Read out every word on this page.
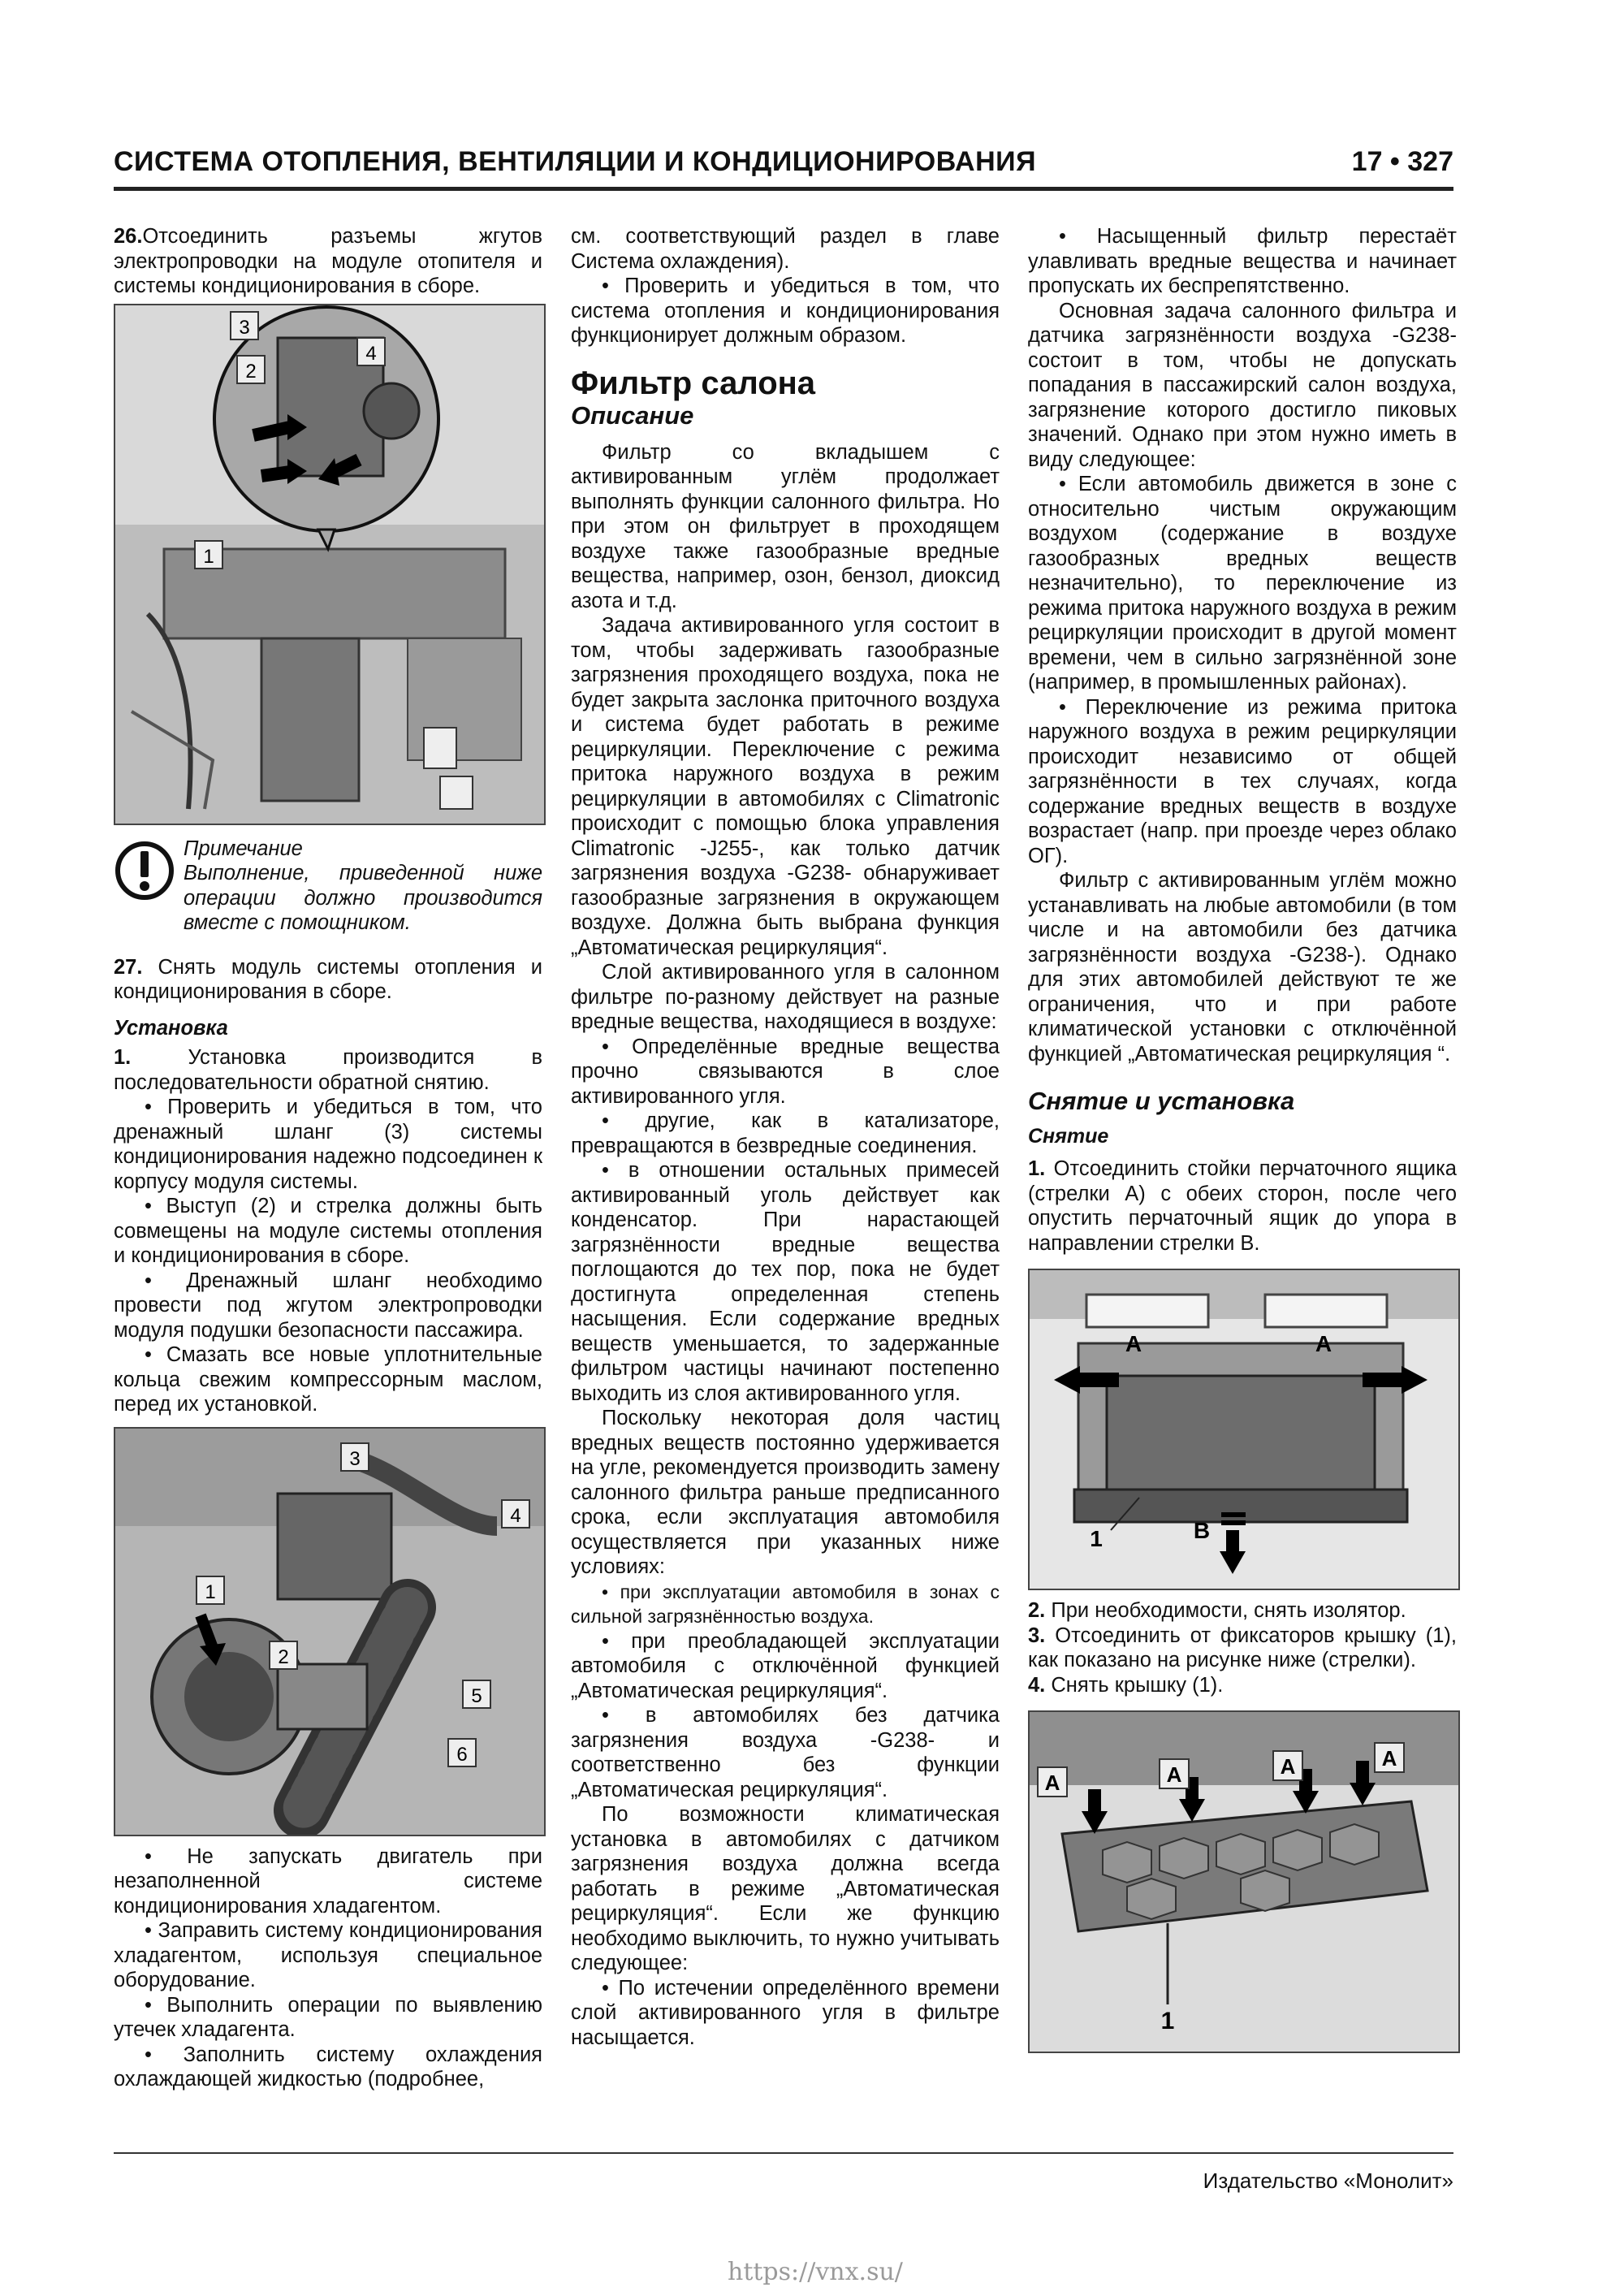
СИСТЕМА ОТОПЛЕНИЯ, ВЕНТИЛЯЦИИ И КОНДИЦИОНИРОВАНИЯ	17 • 327

26.Отсоединить разъемы жгутов электропроводки на модуле отопителя и системы кондиционирования в сборе.

3
2
4
1
Примечание
Выполнение, приведенной ниже операции должно производится вместе с помощником.

27. Снять модуль системы отопления и кондиционирования в сборе.

Установка

1.	Установка производится в последовательности обратной снятию.

• Проверить и убедиться в том, что дренажный шланг (3) системы кондиционирования надежно подсоединен к корпусу модуля системы.

• Выступ (2) и стрелка должны быть совмещены на модуле системы отопления и кондиционирования в сборе.

• Дренажный шланг необходимо провести под жгутом электропроводки модуля подушки безопасности пассажира.

• Смазать все новые уплотнительные кольца свежим компрессорным маслом, перед их установкой.

3
4
1
2
5
6

• Не запускать двигатель при незаполненной системе кондиционирования хладагентом.

• Заправить систему кондиционирования хладагентом, используя специальное оборудование.

• Выполнить операции по выявлению утечек хладагента.

• Заполнить систему охлаждения охлаждающей жидкостью (подробнее,

см. соответствующий раздел в главе Система охлаждения).

• Проверить и убедиться в том, что система отопления и кондиционирования функционирует должным образом.

Фильтр салона

Описание

Фильтр со вкладышем с активированным углём продолжает выполнять функции салонного фильтра. Но при этом он фильтрует в проходящем воздухе также газообразные вредные вещества, например, озон, бензол, диоксид азота и т.д.

Задача активированного угля состоит в том, чтобы задерживать газообразные загрязнения проходящего воздуха, пока не будет закрыта заслонка приточного воздуха и система будет работать в режиме рециркуляции. Переключение с режима притока наружного воздуха в режим рециркуляции в автомобилях с Climatronic происходит с помощью блока управления Climatronic -J255-, как только датчик загрязнения воздуха -G238- обнаруживает газообразные загрязнения в окружающем воздухе. Должна быть выбрана функция „Автоматическая рециркуляция“.

Слой активированного угля в салонном фильтре по-разному действует на разные вредные вещества, находящиеся в воздухе:

• Определённые вредные вещества прочно связываются в слое активированного угля.

• другие, как в катализаторе, превращаются в безвредные соединения.

• в отношении остальных примесей активированный уголь действует как конденсатор. При нарастающей загрязнённости вредные вещества поглощаются до тех пор, пока не будет достигнута определенная степень насыщения. Если содержание вредных веществ уменьшается, то задержанные фильтром частицы начинают постепенно выходить из слоя активированного угля.

Поскольку некоторая доля частиц вредных веществ постоянно удерживается на угле, рекомендуется производить замену салонного фильтра раньше предписанного срока, если эксплуатация автомобиля осуществляется при указанных ниже условиях:

• при эксплуатации автомобиля в зонах с сильной загрязнённостью воздуха.

• при преобладающей эксплуатации автомобиля с отключённой функцией „Автоматическая рециркуляция“.

• в автомобилях без датчика загрязнения воздуха -G238- и соответственно без функции „Автоматическая рециркуляция“.

По возможности климатическая установка в автомобилях с датчиком загрязнения воздуха должна всегда работать в режиме „Автоматическая рециркуляция“. Если же функцию необходимо выключить, то нужно учитывать следующее:

• По истечении определённого времени слой активированного угля в фильтре насыщается.

• Насыщенный фильтр перестаёт улавливать вредные вещества и начинает пропускать их беспрепятственно.

Основная задача салонного фильтра и датчика загрязнённости воздуха -G238- состоит в том, чтобы не допускать попадания в пассажирский салон воздуха, загрязнение которого достигло пиковых значений. Однако при этом нужно иметь в виду следующее:

• Если автомобиль движется в зоне с относительно чистым окружающим воздухом (содержание в воздухе газообразных вредных веществ незначительно), то переключение из режима притока наружного воздуха в режим рециркуляции происходит в другой момент времени, чем в сильно загрязнённой зоне (например, в промышленных районах).

• Переключение из режима притока наружного воздуха в режим рециркуляции происходит независимо от общей загрязнённости в тех случаях, когда содержание вредных веществ в воздухе возрастает (напр. при проезде через облако ОГ).

Фильтр с активированным углём можно устанавливать на любые автомобили (в том числе и на автомобили без датчика загрязнённости воздуха -G238-). Однако для этих автомобилей действуют те же ограничения, что и при работе климатической установки с отключённой функцией „Автоматическая рециркуляция “.

Снятие и установка

Снятие

1. Отсоединить стойки перчаточного ящика (стрелки А) с обеих сторон, после чего опустить перчаточный ящик до упора в направлении стрелки В.

A	A
1	B

2. При необходимости, снять изолятор.

3. Отсоединить от фиксаторов крышку (1), как показано на рисунке ниже (стрелки).

4. Снять крышку (1).

A	A	A	A
1
Издательство «Монолит»
https://vnx.su/
